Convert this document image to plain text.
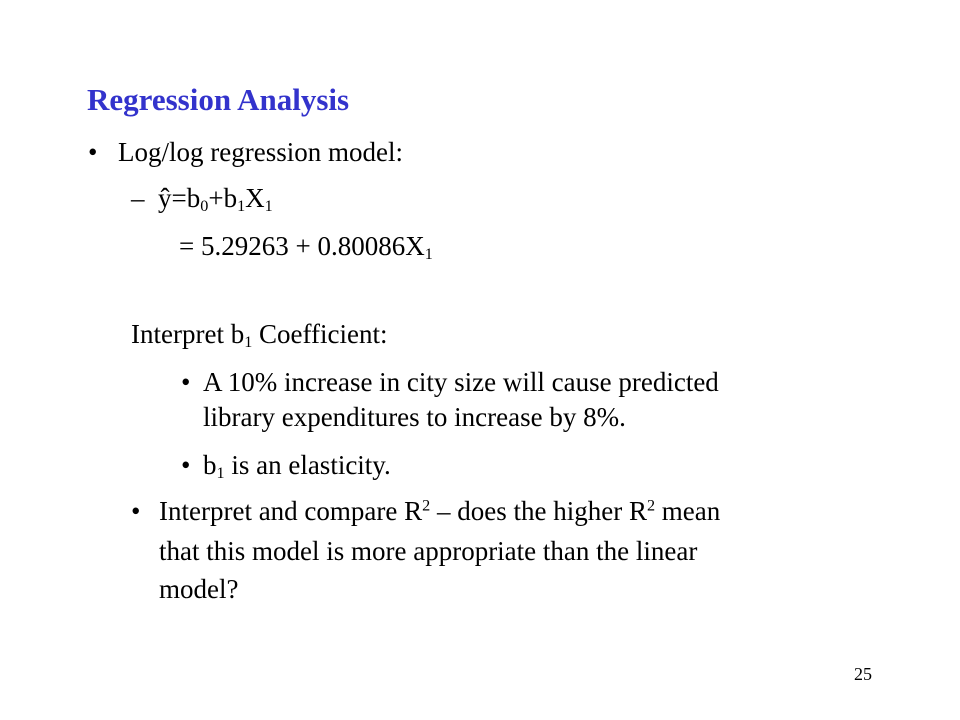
Regression Analysis
• Log/log regression model:
– $ŷ=b_0+b_1X_1$
= $5.29263 + 0.80086X_1$
Interpret $b_1$ Coefficient:
• A 10% increase in city size will cause predicted
library expenditures to increase by 8%.
• $b_1$ is an elasticity.
• Interpret and compare $R^2$ – does the higher $R^2$ mean
that this model is more appropriate than the linear
model?
25
